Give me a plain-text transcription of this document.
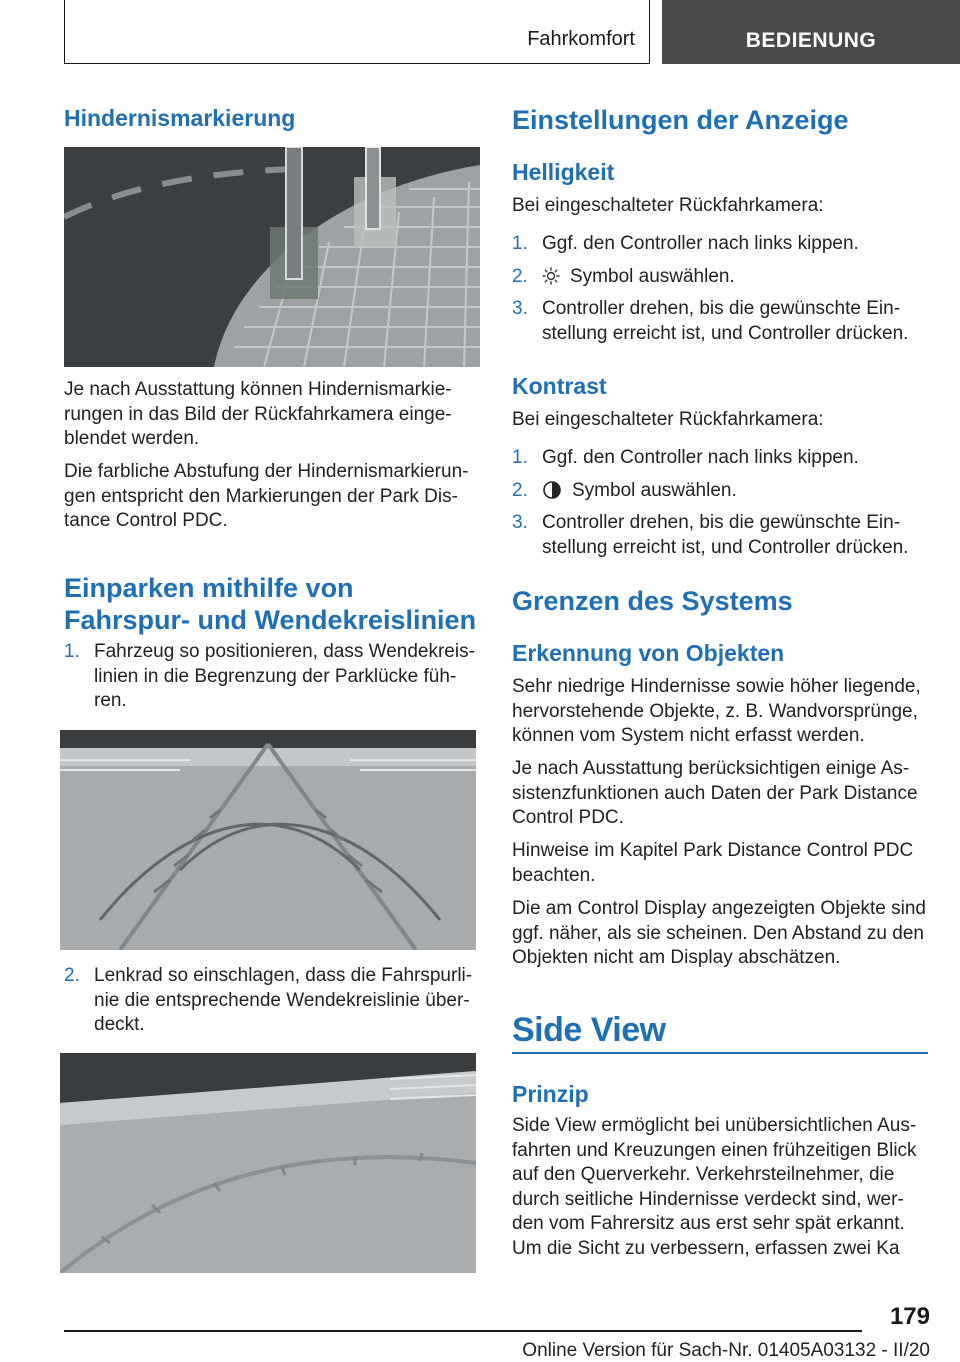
Fahrkomfort	BEDIENUNG
Hindernismarkierung

Je nach Ausstattung können Hindernismarkierungen in das Bild der Rückfahrkamera eingeblendet werden.

Die farbliche Abstufung der Hindernismarkierungen entspricht den Markierungen der Park Distance Control PDC.

Einparken mithilfe von Fahrspur- und Wendekreislinien
1. Fahrzeug so positionieren, dass Wendekreislinien in die Begrenzung der Parklücke führen.
2. Lenkrad so einschlagen, dass die Fahrspurlinie die entsprechende Wendekreislinie überdeckt.
Einstellungen der Anzeige
Helligkeit

Bei eingeschalteter Rückfahrkamera:

1. Ggf. den Controller nach links kippen.
2. Symbol auswählen.
3. Controller drehen, bis die gewünschte Einstellung erreicht ist, und Controller drücken.
Kontrast

Bei eingeschalteter Rückfahrkamera:

1. Ggf. den Controller nach links kippen.
2. Symbol auswählen.
3. Controller drehen, bis die gewünschte Einstellung erreicht ist, und Controller drücken.
Grenzen des Systems
Erkennung von Objekten

Sehr niedrige Hindernisse sowie höher liegende, hervorstehende Objekte, z. B. Wandvorsprünge, können vom System nicht erfasst werden.

Je nach Ausstattung berücksichtigen einige Assistenzfunktionen auch Daten der Park Distance Control PDC.

Hinweise im Kapitel Park Distance Control PDC beachten.

Die am Control Display angezeigten Objekte sind ggf. näher, als sie scheinen. Den Abstand zu den Objekten nicht am Display abschätzen.

Side View
Prinzip

Side View ermöglicht bei unübersichtlichen Ausfahrten und Kreuzungen einen frühzeitigen Blick auf den Querverkehr. Verkehrsteilnehmer, die durch seitliche Hindernisse verdeckt sind, werden vom Fahrersitz aus erst sehr spät erkannt. Um die Sicht zu verbessern, erfassen zwei Ka

179
Online Version für Sach-Nr. 01405A03132 - II/20
